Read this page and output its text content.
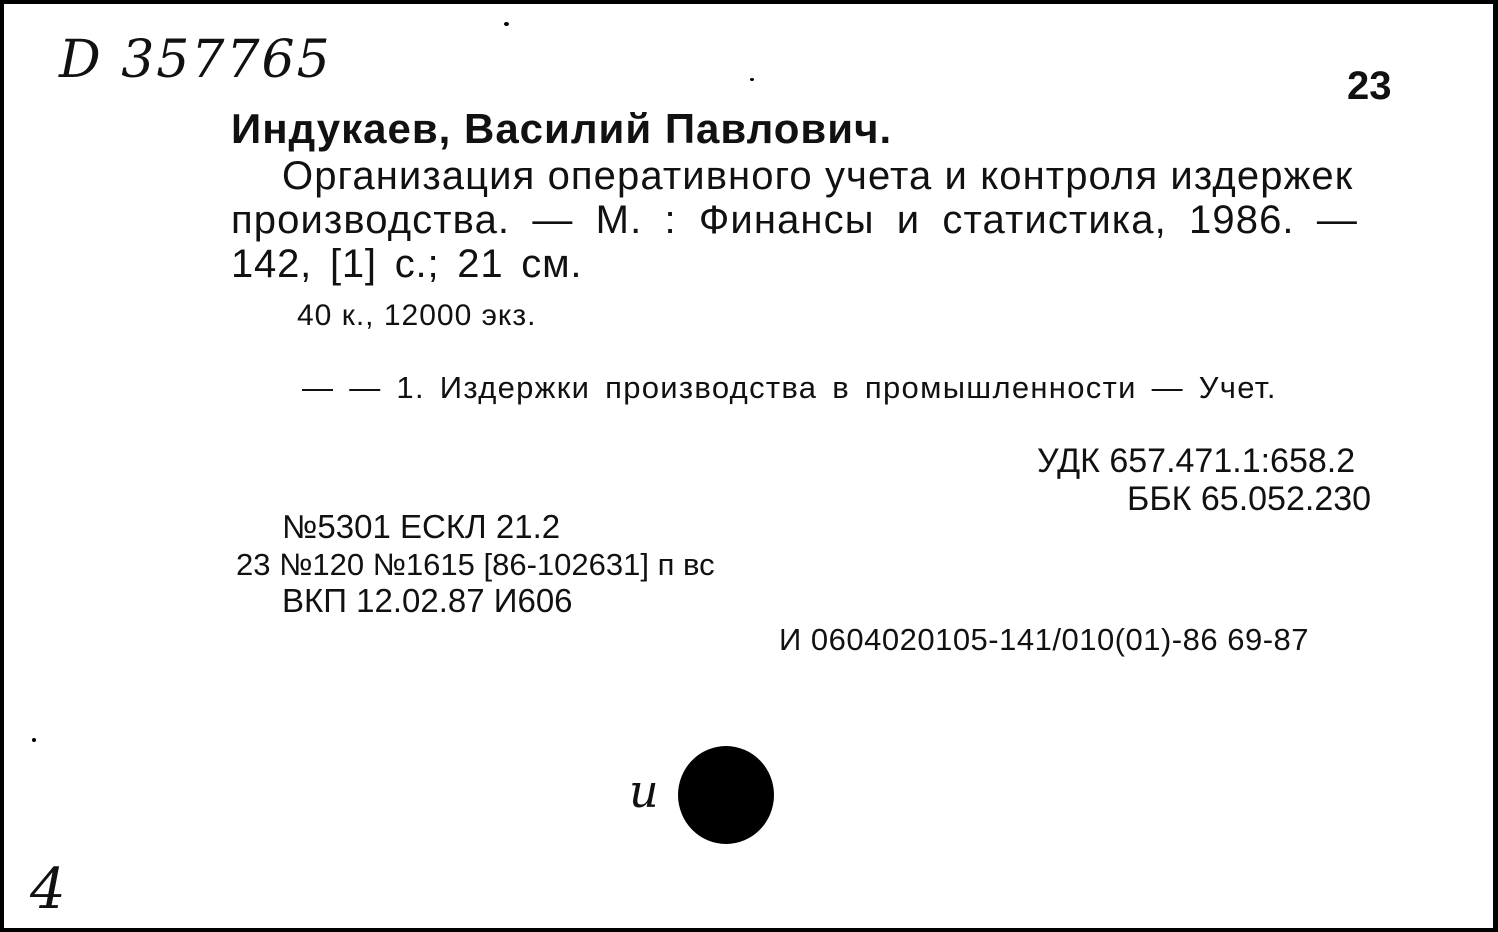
D 357765	23
Индукаев, Василий Павлович.
Организация оперативного учета и контроля издержек
производства. — М. : Финансы и статистика, 1986. —
142, [1] с.; 21 см.
40 к., 12000 экз.
— — 1. Издержки производства в промышленности — Учет.
УДК 657.471.1:658.2
ББК 65.052.230
№5301 ЕСКЛ 21.2
23 №120 №1615 [86-102631] п вс
ВКП 12.02.87 И606
И 0604020105-141/010(01)-86 69-87
и
4
